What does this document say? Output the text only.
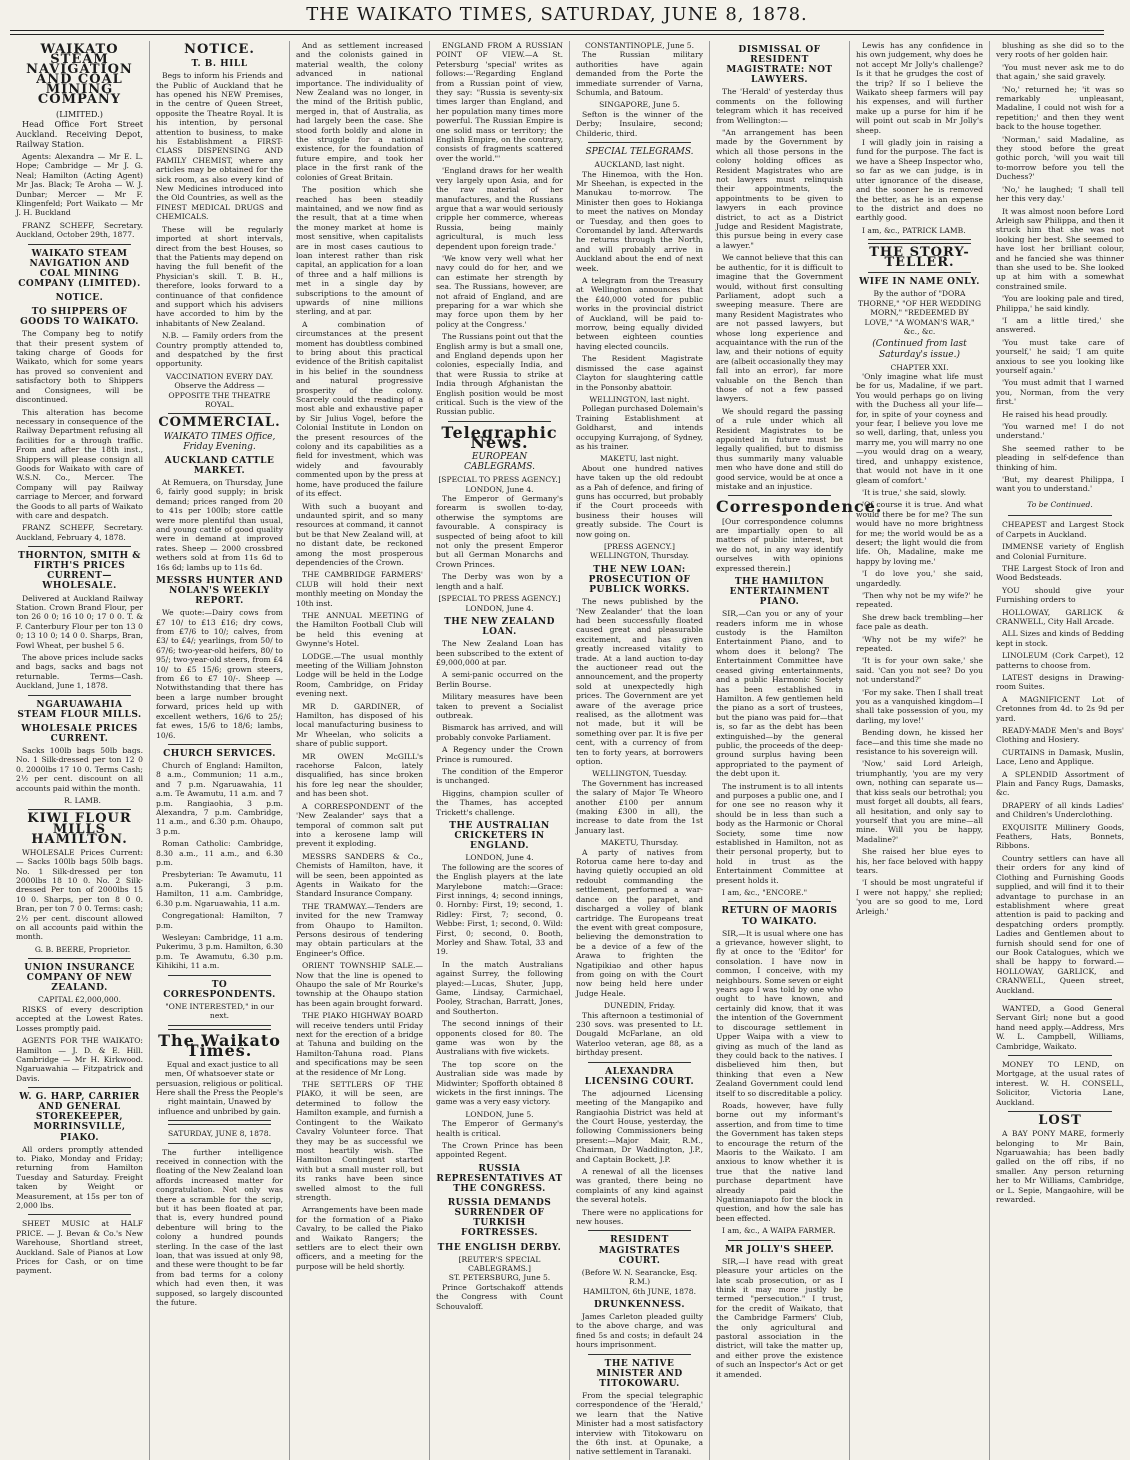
THE WAIKATO TIMES, SATURDAY, JUNE 8, 1878.
WAIKATO STEAM NAVIGATION AND COAL MINING COMPANY
(LIMITED.)
Head Office Fort Street Auckland. Receiving Depot, Railway Station.
Agents: Alexandra — Mr E. L. Hope; Cambridge — Mr J. G. Neal; Hamilton (Acting Agent) Mr Jas. Black; Te Aroha — W. J. Dunbar; Mercer — Mr F. Klingenfeld; Port Waikato — Mr J. H. Buckland
FRANZ SCHEFF, Secretary. Auckland, October 29th, 1877.
WAIKATO STEAM NAVIGATION AND COAL MINING COMPANY (LIMITED).
NOTICE.
TO SHIPPERS OF GOODS TO WAIKATO.
The Company beg to notify that their present system of taking charge of Goods for Waikato, which for some years has proved so convenient and satisfactory both to Shippers and Consignees, will be discontinued.
This alteration has become necessary in consequence of the Railway Department refusing all facilities for a through traffic. From and after the 18th inst., Shippers will please consign all Goods for Waikato with care of W.S.N. Co., Mercer. The Company will pay Railway carriage to Mercer, and forward the Goods to all parts of Waikato with care and despatch.
FRANZ SCHEFF, Secretary. Auckland, February 4, 1878.
THORNTON, SMITH & FIRTH'S PRICES CURRENT—WHOLESALE.
Delivered at Auckland Railway Station. Crown Brand Flour, per ton 26 0 0; 16 10 0; 17 0 0. T. & F. Canterbury Flour per ton 13 0 0; 13 10 0; 14 0 0. Sharps, Bran, Fowl Wheat, per bushel 5 6.
The above prices include sacks and bags, sacks and bags not returnable. Terms—Cash. Auckland, June 1, 1878.
NGARUAWAHIA STEAM FLOUR MILLS.
WHOLESALE PRICES CURRENT.
Sacks 100lb bags 50lb bags. No. 1 Silk-dressed per ton 12 0 0. 2000lbs 17 10 0. Terms Cash; 2½ per cent. discount on all accounts paid within the month.
R. LAMB.
KIWI FLOUR MILLS HAMILTON.
WHOLESALE Prices Current:— Sacks 100lb bags 50lb bags. No. 1 Silk-dressed per ton 2000lbs 18 10 0. No. 2 Silk-dressed Per ton of 2000lbs 15 10 0. Sharps, per ton 8 0 0. Bran, per ton 7 0 0. Terms: cash; 2½ per cent. discount allowed on all accounts paid within the month.
G. B. BEERE, Proprietor.
UNION INSURANCE COMPANY OF NEW ZEALAND.
CAPITAL £2,000,000.
RISKS of every description accepted at the Lowest Rates. Losses promptly paid.
AGENTS FOR THE WAIKATO: Hamilton — J. D. & E. Hill. Cambridge — Mr H. Kirkwood. Ngaruawahia — Fitzpatrick and Davis.
W. G. HARP, CARRIER AND GENERAL STOREKEEPER, MORRINSVILLE, PIAKO.
All orders promptly attended to. Piako, Monday and Friday; returning from Hamilton Tuesday and Saturday. Freight taken by Weight or Measurement, at 15s per ton of 2,000 lbs.
SHEET MUSIC at HALF PRICE. — J. Bevan & Co.'s New Warehouse, Shortland street, Auckland. Sale of Pianos at Low Prices for Cash, or on time payment.
NOTICE.
T. B. HILL
Begs to inform his Friends and the Public of Auckland that he has opened his NEW Premises, in the centre of Queen Street, opposite the Theatre Royal. It is his intention, by personal attention to business, to make his Establishment a FIRST-CLASS DISPENSING AND FAMILY CHEMIST, where any articles may be obtained for the sick room, as also every kind of New Medicines introduced into the Old Countries, as well as the FINEST MEDICAL DRUGS and CHEMICALS.
These will be regularly imported at short intervals, direct from the best Houses, so that the Patients may depend on having the full benefit of the Physician's skill. T. B. H., therefore, looks forward to a continuance of that confidence and support which his advisers have accorded to him by the inhabitants of New Zealand.
N.B. — Family orders from the Country promptly attended to, and despatched by the first opportunity.
VACCINATION EVERY DAY.
Observe the Address — OPPOSITE THE THEATRE ROYAL.
COMMERCIAL.
WAIKATO TIMES Office, Friday Evening.
AUCKLAND CATTLE MARKET.
At Remuera, on Thursday, June 6, fairly good supply; in brisk demand; prices ranged from 20 to 41s per 100lb; store cattle were more plentiful than usual, and young cattle of good quality were in demand at improved rates. Sheep — 2000 crossbred wethers sold at from 11s 6d to 16s 6d; lambs up to 11s 6d.
MESSRS HUNTER AND NOLAN'S WEEKLY REPORT.
We quote:—Dairy cows from £7 10/ to £13 £16; dry cows, from £7/6 to 10/; calves, from £3/ to £4/; yearlings, from 50/ to 67/6; two-year-old heifers, 80/ to 95/; two-year-old steers, from £4 10/ to £5 15/6; grown steers, from £6 to £7 10/-. Sheep — Notwithstanding that there has been a large number brought forward, prices held up with excellent wethers, 16/6 to 25/; fat ewes, 15/6 to 18/6; lambs, 10/6.
CHURCH SERVICES.
Church of England: Hamilton, 8 a.m., Communion; 11 a.m., and 7 p.m. Ngaruawahia, 11 a.m. Te Awamutu, 11 a.m. and 7 p.m. Rangiaohia, 3 p.m. Alexandra, 7 p.m. Cambridge, 11 a.m., and 6.30 p.m. Ohaupo, 3 p.m.
Roman Catholic: Cambridge, 8.30 a.m., 11 a.m., and 6.30 p.m.
Presbyterian: Te Awamutu, 11 a.m. Pukerangi, 3 p.m. Hamilton, 11 a.m. Cambridge, 6.30 p.m. Ngaruawahia, 11 a.m.
Congregational: Hamilton, 7 p.m.
Wesleyan: Cambridge, 11 a.m. Pukerimu, 3 p.m. Hamilton, 6.30 p.m. Te Awamutu, 6.30 p.m. Kihikihi, 11 a.m.
TO CORRESPONDENTS.
"ONE INTERESTED," in our next.
The Waikato Times.
Equal and exact justice to all men, Of whatsoever state or persuasion, religious or political. Here shall the Press the People's right maintain, Unawed by influence and unbribed by gain.
SATURDAY, JUNE 8, 1878.
The further intelligence received in connection with the floating of the New Zealand loan affords increased matter for congratulation. Not only was there a scramble for the scrip, but it has been floated at par, that is, every hundred pound debenture will bring to the colony a hundred pounds sterling. In the case of the last loan, that was issued at only 98, and these were thought to be far from bad terms for a colony which had even then, it was supposed, so largely discounted the future.
And as settlement increased and the colonists gained in material wealth, the colony advanced in national importance. The individuality of New Zealand was no longer, in the mind of the British public, merged in, that of Australia, as had largely been the case. She stood forth boldly and alone in the struggle for a national existence, for the foundation of future empire, and took her place in the first rank of the colonies of Great Britain.
The position which she reached has been steadily maintained, and we now find as the result, that at a time when the money market at home is most sensitive, when capitalists are in most cases cautious to loan interest rather than risk capital, an application for a loan of three and a half millions is met in a single day by subscriptions to the amount of upwards of nine millions sterling, and at par.
A combination of circumstances at the present moment has doubtless combined to bring about this practical evidence of the British capitalist in his belief in the soundness and natural progressive prosperity of the colony. Scarcely could the reading of a most able and exhaustive paper by Sir Julius Vogel, before the Colonial Institute in London on the present resources of the colony and its capabilities as a field for investment, which was widely and favourably commented upon by the press at home, have produced the failure of its effect.
With such a buoyant and undaunted spirit, and so many resources at command, it cannot but be that New Zealand will, at no distant date, be reckoned among the most prosperous dependencies of the Crown.
THE CAMBRIDGE FARMERS' CLUB will hold their next monthly meeting on Monday the 10th inst.
THE ANNUAL MEETING of the Hamilton Football Club will be held this evening at Gwynne's Hotel.
LODGE.—The usual monthly meeting of the William Johnston Lodge will be held in the Lodge Room, Cambridge, on Friday evening next.
MR D. GARDINER, of Hamilton, has disposed of his local manufacturing business to Mr Wheelan, who solicits a share of public support.
MR OWEN McGILL's racehorse Falcon, lately disqualified, has since broken his fore leg near the shoulder, and has been shot.
A CORRESPONDENT of the 'New Zealander' says that a temporal of common salt put into a kerosene lamp will prevent it exploding.
MESSRS SANDERS & Co., Chemists of Hamilton, have, it will be seen, been appointed as Agents in Waikato for the Standard Insurance Company.
THE TRAMWAY.—Tenders are invited for the new Tramway from Ohaupo to Hamilton. Persons desirous of tendering may obtain particulars at the Engineer's Office.
ORIENT TOWNSHIP SALE.—Now that the line is opened to Ohaupo the sale of Mr Rourke's township at the Ohaupo station has been again brought forward.
THE PIAKO HIGHWAY BOARD will receive tenders until Friday next for the erection of a bridge at Tahuna and building on the Hamilton-Tahuna road. Plans and specifications may be seen at the residence of Mr Long.
THE SETTLERS OF THE PIAKO, it will be seen, are determined to follow the Hamilton example, and furnish a Contingent to the Waikato Cavalry Volunteer force. That they may be as successful we most heartily wish. The Hamilton Contingent started with but a small muster roll, but its ranks have been since swelled almost to the full strength.
Arrangements have been made for the formation of a Piako Cavalry, to be called the Piako and Waikato Rangers; the settlers are to elect their own officers, and a meeting for the purpose will be held shortly.
ENGLAND FROM A RUSSIAN POINT OF VIEW.—A St. Petersburg 'special' writes as follows:—'Regarding England from a Russian point of view, they say: "Russia is seventy-six times larger than England, and her population many times more powerful. The Russian Empire is one solid mass or territory; the English Empire, on the contrary, consists of fragments scattered over the world."'
'England draws for her wealth very largely upon Asia, and for the raw material of her manufactures, and the Russians argue that a war would seriously cripple her commerce, whereas Russia, being mainly agricultural, is much less dependent upon foreign trade.'
'We know very well what her navy could do for her, and we can estimate her strength by sea. The Russians, however, are not afraid of England, and are preparing for a war which she may force upon them by her policy at the Congress.'
The Russians point out that the English army is but a small one, and England depends upon her colonies, especially India, and that were Russia to strike at India through Afghanistan the English position would be most critical. Such is the view of the Russian public.
Telegraphic News.
EUROPEAN CABLEGRAMS.
[SPECIAL TO PRESS AGENCY.]
LONDON, June 4.
The Emperor of Germany's forearm is swollen to-day, otherwise the symptoms are favourable. A conspiracy is suspected of being afoot to kill not only the present Emperor but all German Monarchs and Crown Princes.
The Derby was won by a length and a half.
[SPECIAL TO PRESS AGENCY.]
LONDON, June 4.
THE NEW ZEALAND LOAN.
The New Zealand Loan has been subscribed to the extent of £9,000,000 at par.
A semi-panic occurred on the Berlin Bourse.
Military measures have been taken to prevent a Socialist outbreak.
Bismarck has arrived, and will probably convoke Parliament.
A Regency under the Crown Prince is rumoured.
The condition of the Emperor is unchanged.
Higgins, champion sculler of the Thames, has accepted Trickett's challenge.
THE AUSTRALIAN CRICKETERS IN ENGLAND.
LONDON, June 4.
The following are the scores of the English players at the late Marylebone match:—Grace: First innings, 4; second innings, 0. Hornby: First, 19; second, 1. Ridley: First, 7; second, 0. Webbe: First, 1; second, 0. Wild: First, 0; second, 0. Booth, Morley and Shaw. Total, 33 and 19.
In the match Australians against Surrey, the following played:—Lucas, Shuter, Jupp, Game, Lindsay, Carmichael, Pooley, Strachan, Barratt, Jones, and Southerton.
The second innings of their opponents closed for 80. The game was won by the Australians with five wickets.
The top score on the Australian side was made by Midwinter; Spofforth obtained 8 wickets in the first innings. The game was a very easy victory.
LONDON, June 5.
The Emperor of Germany's health is critical.
The Crown Prince has been appointed Regent.
RUSSIA REPRESENTATIVES AT THE CONGRESS.
RUSSIA DEMANDS SURRENDER OF TURKISH FORTRESSES.
THE ENGLISH DERBY.
[REUTER'S SPECIAL CABLEGRAMS.]
ST. PETERSBURG, June 5.
Prince Gortschakoff attends the Congress with Count Schouvaloff.
CONSTANTINOPLE, June 5.
The Russian military authorities have again demanded from the Porte the immediate surrender of Varna, Schumla, and Batoum.
SINGAPORE, June 5.
Sefton is the winner of the Derby; Insulaire, second; Childeric, third.
SPECIAL TELEGRAMS.
AUCKLAND, last night.
The Hinemoa, with the Hon. Mr Sheehan, is expected in the Manukau to-morrow. The Minister then goes to Hokianga to meet the natives on Monday or Tuesday, and then goes to Coromandel by land. Afterwards he returns through the North, and will probably arrive in Auckland about the end of next week.
A telegram from the Treasury at Wellington announces that the £40,000 voted for public works in the provincial district of Auckland, will be paid to-morrow, being equally divided between eighteen counties having elected councils.
The Resident Magistrate dismissed the case against Clayton for slaughtering cattle in the Ponsonby abattoir.
WELLINGTON, last night.
Pollegan purchased Dolemain's Training Establishment at Goldharst, and intends occupying Kurrajong, of Sydney, as his trainer.
MAKETU, last night.
About one hundred natives have taken up the old redoubt as a Pah of defence, and firing of guns has occurred, but probably if the Court proceeds with business their houses will greatly subside. The Court is now going on.
[PRESS AGENCY.]
WELLINGTON, Thursday.
THE NEW LOAN: PROSECUTION OF PUBLICK WORKS.
The news published by the 'New Zealander' that the loan had been successfully floated caused great and pleasurable excitement, and has given greatly increased vitality to trade. At a land auction to-day the auctioneer read out the announcement, and the property sold at unexpectedly high prices. The Government are yet aware of the average price realised, as the allotment was not made, but it will be something over par. It is five per cent, with a currency of from ten to forty years, at borrowers option.
WELLINGTON, Tuesday.
The Government has increased the salary of Major Te Wheoro another £100 per annum (making £300 in all), the increase to date from the 1st January last.
MAKETU, Thursday.
A party of natives from Rotorua came here to-day and having quietly occupied an old redoubt commanding the settlement, performed a war-dance on the parapet, and discharged a volley of blank cartridge. The Europeans treat the event with great composure, believing the demonstration to be a device of a few of the Arawa to frighten the Ngatipikiao and other hapus from going on with the Court now being held here under Judge Heale.
DUNEDIN, Friday.
This afternoon a testimonial of 230 sovs. was presented to Lt. Dougald McFarlane, an old Waterloo veteran, age 88, as a birthday present.
ALEXANDRA LICENSING COURT.
The adjourned Licensing meeting of the Mangapiko and Rangiaohia District was held at the Court House, yesterday, the following Commissioners being present:—Major Mair, R.M., Chairman, Dr Waddington, J.P., and Captain Bockett, J.P.
A renewal of all the licenses was granted, there being no complaints of any kind against the several hotels.
There were no applications for new houses.
RESIDENT MAGISTRATES COURT.
(Before W. N. Searancke, Esq. R.M.)
HAMILTON, 6th JUNE, 1878.
DRUNKENNESS.
James Carleton pleaded guilty to the above charge, and was fined 5s and costs; in default 24 hours imprisonment.
THE NATIVE MINISTER AND TITOKOWARU.
From the special telegraphic correspondence of the 'Herald,' we learn that the Native Minister had a most satisfactory interview with Titokowaru on the 6th inst. at Opunake, a native settlement in Taranaki.
DISMISSAL OF RESIDENT MAGISTRATE: NOT LAWYERS.
The 'Herald' of yesterday thus comments on the following telegram which it has received from Wellington:—
"An arrangement has been made by the Government by which all those persons in the colony holding offices as Resident Magistrates who are not lawyers must relinquish their appointments, the appointments to be given to lawyers in each province district, to act as a District Judge and Resident Magistrate, this pursue being in every case a lawyer."
We cannot believe that this can be authentic, for it is difficult to imagine that the Government would, without first consulting Parliament, adopt such a sweeping measure. There are many Resident Magistrates who are not passed lawyers, but whose long experience and acquaintance with the run of the law, and their notions of equity are (albeit occasionally they may fall into an error), far more valuable on the Bench than those of not a few passed lawyers.
We should regard the passing of a rule under which all Resident Magistrates to be appointed in future must be legally qualified, but to dismiss thus summarily many valuable men who have done and still do good service, would be at once a mistake and an injustice.
Correspondence.
[Our correspondence columns are impartially open to all matters of public interest, but we do not, in any way identify ourselves with opinions expressed therein.]
THE HAMILTON ENTERTAINMENT PIANO.
SIR,—Can you or any of your readers inform me in whose custody is the Hamilton Entertainment Piano, and to whom does it belong? The Entertainment Committee have ceased giving entertainments, and a public Harmonic Society has been established in Hamilton. A few gentlemen held the piano as a sort of trustees, but the piano was paid for—that is, so far as the debt has been extinguished—by the general public, the proceeds of the deep-ground surplus having been appropriated to the payment of the debt upon it.
The instrument is to all intents and purposes a public one, and I for one see no reason why it should be in less than such a body as the Harmonic or Choral Society, some time now established in Hamilton, not as their personal property, but to hold in trust as the Entertainment Committee at present holds it.
I am, &c., "ENCORE."
RETURN OF MAORIS TO WAIKATO.
SIR,—It is usual where one has a grievance, however slight, to fly at once to the 'Editor' for consolation. I have now in common, I conceive, with my neighbours. Some seven or eight years ago I was told by one who ought to have known, and certainly did know, that it was the intention of the Government to discourage settlement in Upper Waipa with a view to giving as much of the land as they could back to the natives. I disbelieved him then, but thinking that even a New Zealand Government could lend itself to so discreditable a policy.
Roads, however, have fully borne out my informant's assertion, and from time to time the Government has taken steps to encourage the return of the Maoris to the Waikato. I am anxious to know whether it is true that the native land purchase department have already paid the Ngatimaniapoto for the block in question, and how the sale has been effected.
I am, &c., A WAIPA FARMER.
MR JOLLY'S SHEEP.
SIR,—I have read with great pleasure your articles on the late scab prosecution, or as I think it may more justly be termed "persecution." I trust, for the credit of Waikato, that the Cambridge Farmers' Club, the only agricultural and pastoral association in the district, will take the matter up, and either prove the existence of such an Inspector's Act or get it amended.
Lewis has any confidence in his own judgement, why does he not accept Mr Jolly's challenge? Is it that he grudges the cost of the trip? If so I believe the Waikato sheep farmers will pay his expenses, and will further make up a purse for him if he will point out scab in Mr Jolly's sheep.
I will gladly join in raising a fund for the purpose. The fact is we have a Sheep Inspector who, so far as we can judge, is in utter ignorance of the disease, and the sooner he is removed the better, as he is an expense to the district and does no earthly good.
I am, &c., PATRICK LAMB.
THE STORY-TELLER.
WIFE IN NAME ONLY.
By the author of "DORA THORNE," "OF HER WEDDING MORN," "REDEEMED BY LOVE," "A WOMAN'S WAR," &c., &c.
(Continued from last Saturday's issue.)
CHAPTER XXI.
'Only imagine what life must be for us, Madaline, if we part. You would perhaps go on living with the Duchess all your life—for, in spite of your coyness and your fear, I believe you love me so well, darling, that, unless you marry me, you will marry no one—you would drag on a weary, tired, and unhappy existence, that would not have in it one gleam of comfort.'
'It is true,' she said, slowly.
'Of course it is true. And what would there be for me? The sun would have no more brightness for me; the world would be as a desert; the light would die from life. Oh, Madaline, make me happy by loving me.'
'I do love you,' she said, ungardedly.
'Then why not be my wife?' he repeated.
She drew back trembling—her face pale as death.
'Why not be my wife?' he repeated.
'It is for your own sake,' she said. 'Can you not see? Do you not understand?'
'For my sake. Then I shall treat you as a vanquished kingdom—I shall take possession of you, my darling, my love!'
Bending down, he kissed her face—and this time she made no resistance to his sovereign will.
'Now,' said Lord Arleigh, triumphantly, 'you are my very own, nothing can separate us—that kiss seals our betrothal; you must forget all doubts, all fears, all hesitation, and only say to yourself that you are mine—all mine. Will you be happy, Madaline?'
She raised her blue eyes to his, her face beloved with happy tears.
'I should be most ungrateful if I were not happy,' she replied; 'you are so good to me, Lord Arleigh.'
blushing as she did so to the very roots of her golden hair.
'You must never ask me to do that again,' she said gravely.
'No,' returned he; 'it was so remarkably unpleasant, Madaline, I could not wish for a repetition;' and then they went back to the house together.
'Norman,' said Madaline, as they stood before the great gothic porch, 'will you wait till to-morrow before you tell the Duchess?'
'No,' he laughed; 'I shall tell her this very day.'
It was almost noon before Lord Arleigh saw Philippa, and then it struck him that she was not looking her best. She seemed to have lost her brilliant colour, and he fancied she was thinner than she used to be. She looked up at him with a somewhat constrained smile.
'You are looking pale and tired, Philippa,' he said kindly.
'I am a little tired,' she answered.
'You must take care of yourself,' he said; 'I am quite anxious to see you looking like yourself again.'
'You must admit that I warned you, Norman, from the very first.'
He raised his head proudly.
'You warned me! I do not understand.'
She seemed rather to be pleading in self-defence than thinking of him.
'But, my dearest Philippa, I want you to understand.'
To be Continued.
CHEAPEST and Largest Stock of Carpets in Auckland.
IMMENSE variety of English and Colonial Furniture.
THE Largest Stock of Iron and Wood Bedsteads.
YOU should give your Furnishing orders to
HOLLOWAY, GARLICK & CRANWELL, City Hall Arcade.
ALL Sizes and kinds of Bedding kept in stock.
LINOLEUM (Cork Carpet), 12 patterns to choose from.
LATEST designs in Drawing-room Suites.
A MAGNIFICENT Lot of Cretonnes from 4d. to 2s 9d per yard.
READY-MADE Men's and Boys' Clothing and Hosiery.
CURTAINS in Damask, Muslin, Lace, Leno and Applique.
A SPLENDID Assortment of Plain and Fancy Rugs, Damasks, &c.
DRAPERY of all kinds Ladies' and Children's Underclothing.
EXQUISITE Millinery Goods, Feathers, Hats, Bonnets, Ribbons.
Country settlers can have all their orders for any kind of Clothing and Furnishing Goods supplied, and will find it to their advantage to purchase in an establishment where great attention is paid to packing and despatching orders promptly. Ladies and Gentlemen about to furnish should send for one of our Book Catalogues, which we shall be happy to forward.—HOLLOWAY, GARLICK, and CRANWELL, Queen street, Auckland.
WANTED, a Good General Servant Girl; none but a good hand need apply.—Address, Mrs W. L. Campbell, Williams, Cambridge, Waikato.
MONEY TO LEND, on Mortgage, at the usual rates of interest. W. H. CONSELL, Solicitor, Victoria Lane, Auckland.
LOST
A BAY PONY MARE, formerly belonging to Mr Bain, Ngaruawahia; has been badly galled on the off ribs, if no smaller. Any person returning her to Mr Williams, Cambridge, or L. Sepie, Mangaohire, will be rewarded.
